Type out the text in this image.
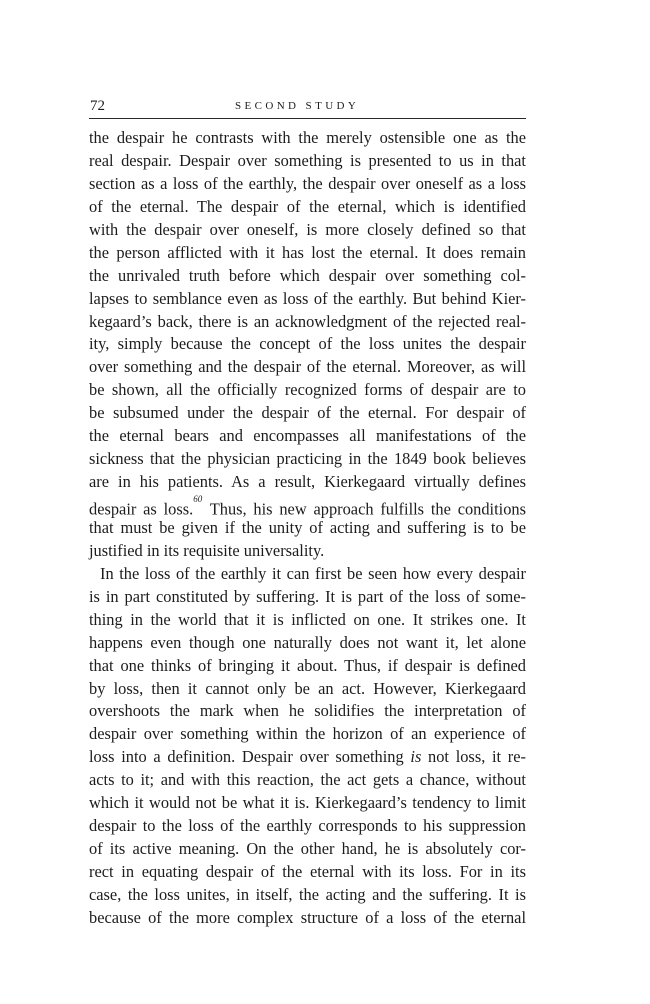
72	SECOND STUDY
the despair he contrasts with the merely ostensible one as the
real despair. Despair over something is presented to us in that
section as a loss of the earthly, the despair over oneself as a loss
of the eternal. The despair of the eternal, which is identified
with the despair over oneself, is more closely defined so that
the person afflicted with it has lost the eternal. It does remain
the unrivaled truth before which despair over something col-
lapses to semblance even as loss of the earthly. But behind Kier-
kegaard’s back, there is an acknowledgment of the rejected real-
ity, simply because the concept of the loss unites the despair
over something and the despair of the eternal. Moreover, as will
be shown, all the officially recognized forms of despair are to
be subsumed under the despair of the eternal. For despair of
the eternal bears and encompasses all manifestations of the
sickness that the physician practicing in the 1849 book believes
are in his patients. As a result, Kierkegaard virtually defines
despair as loss.$^{60}$ Thus, his new approach fulfills the conditions
that must be given if the unity of acting and suffering is to be
justified in its requisite universality.
In the loss of the earthly it can first be seen how every despair
is in part constituted by suffering. It is part of the loss of some-
thing in the world that it is inflicted on one. It strikes one. It
happens even though one naturally does not want it, let alone
that one thinks of bringing it about. Thus, if despair is defined
by loss, then it cannot only be an act. However, Kierkegaard
overshoots the mark when he solidifies the interpretation of
despair over something within the horizon of an experience of
loss into a definition. Despair over something is not loss, it re-
acts to it; and with this reaction, the act gets a chance, without
which it would not be what it is. Kierkegaard’s tendency to limit
despair to the loss of the earthly corresponds to his suppression
of its active meaning. On the other hand, he is absolutely cor-
rect in equating despair of the eternal with its loss. For in its
case, the loss unites, in itself, the acting and the suffering. It is
because of the more complex structure of a loss of the eternal
